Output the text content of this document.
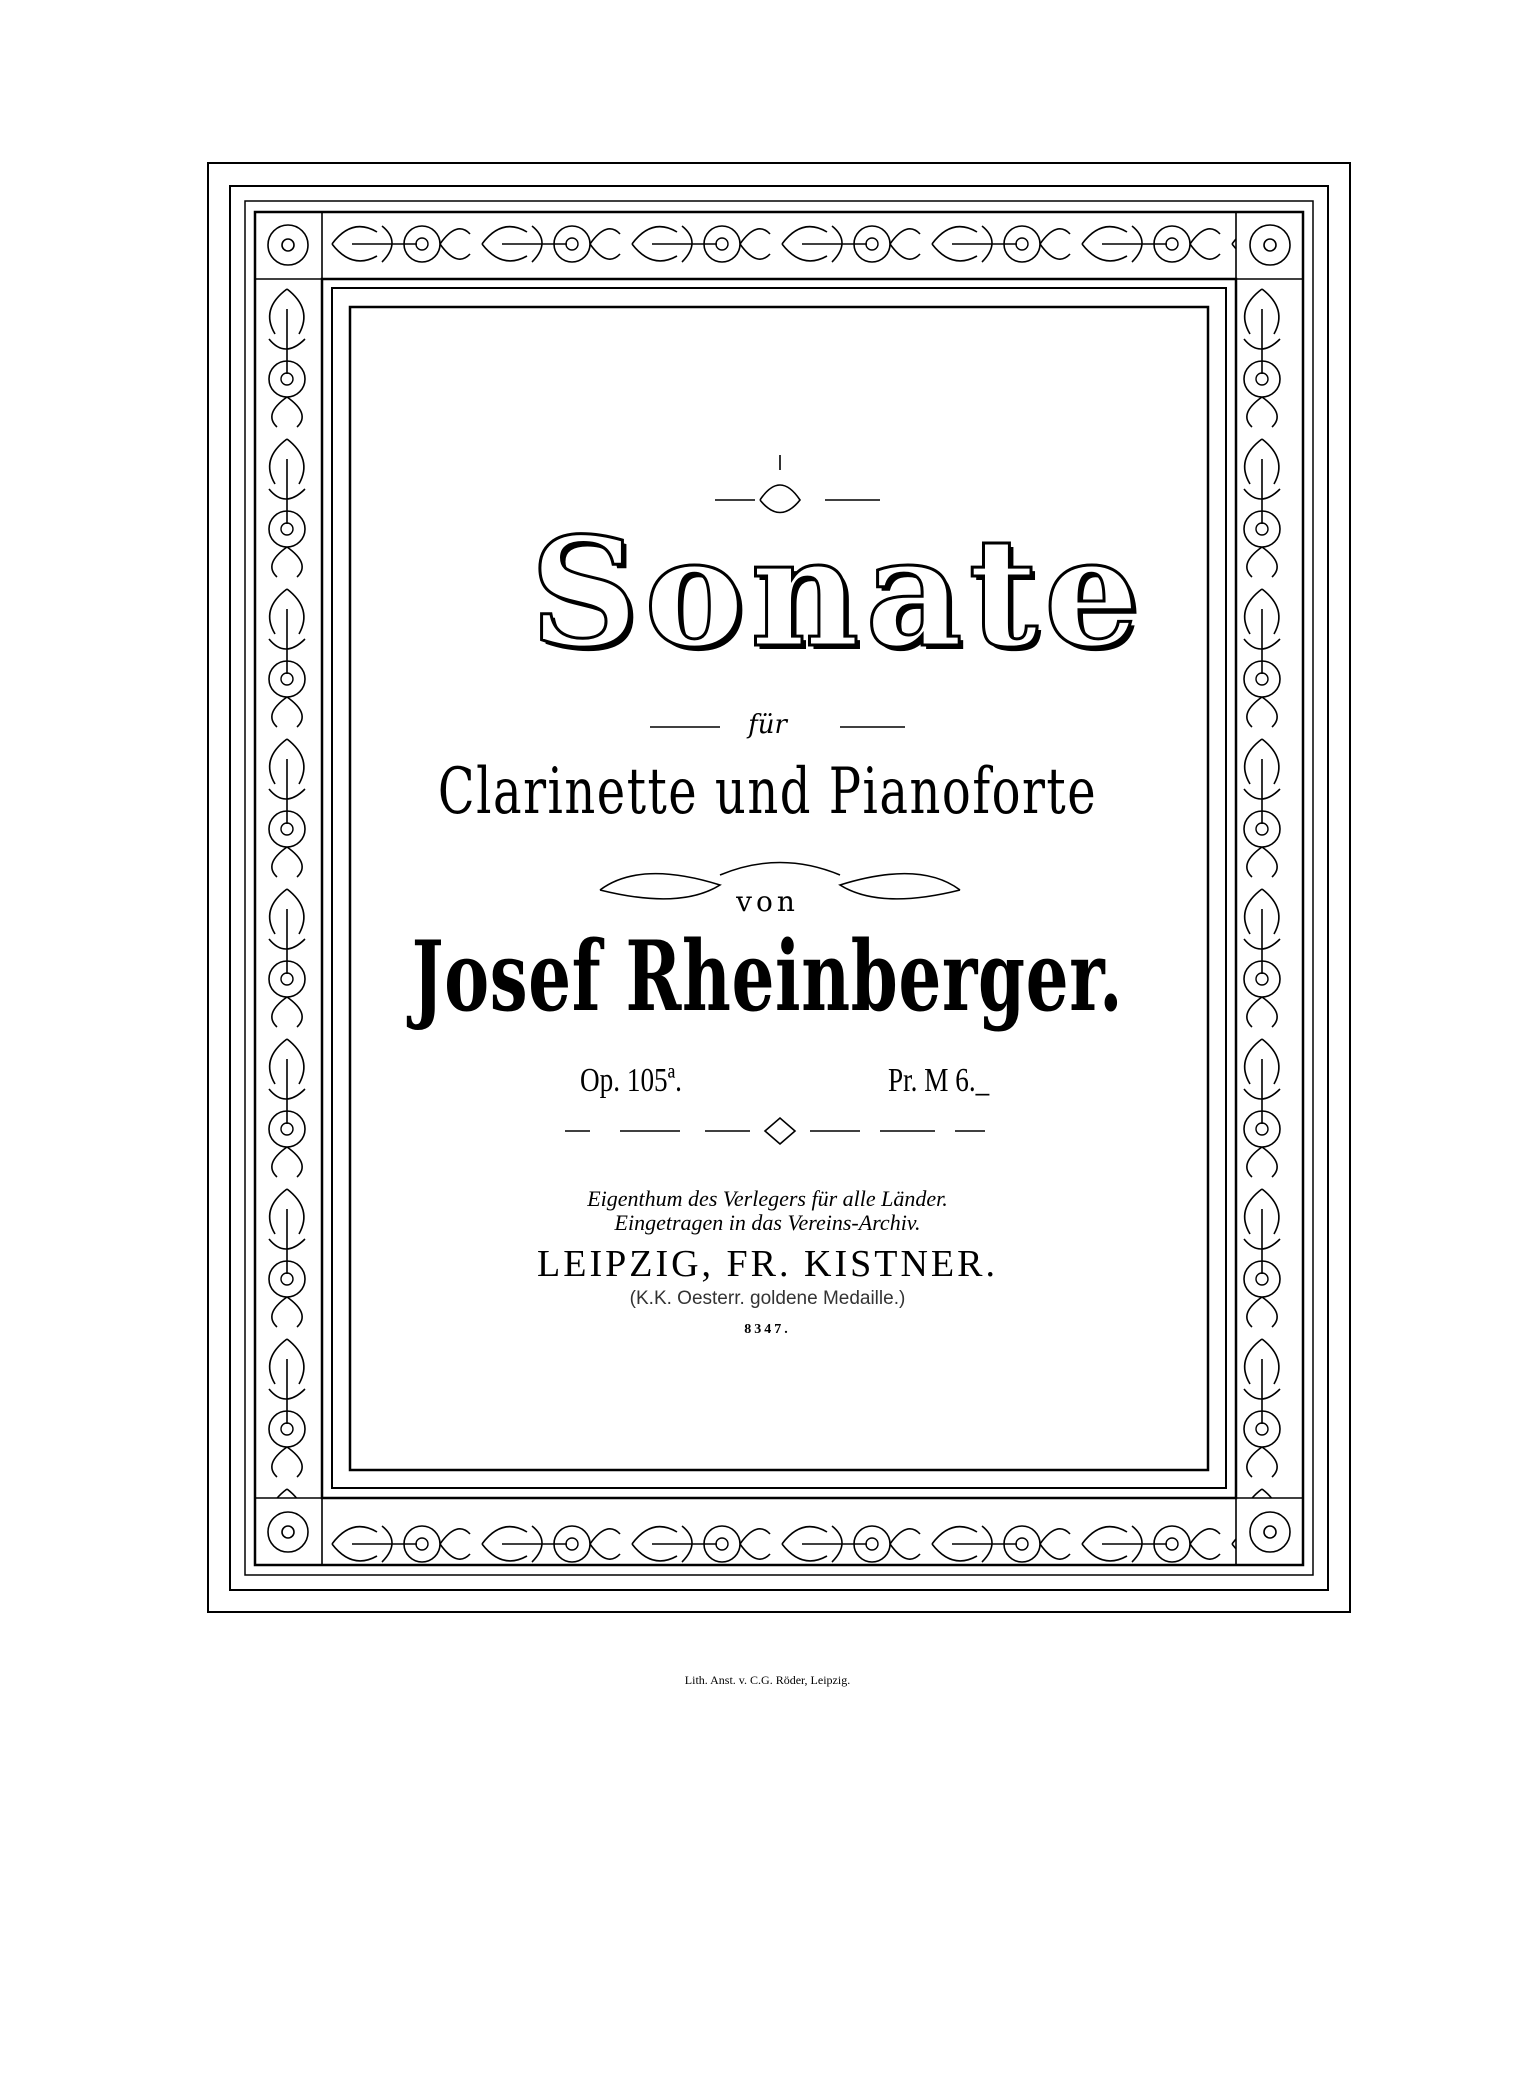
Sonate
für
Clarinette und Pianoforte
von
Josef Rheinberger.
Op. 105ª.	Pr. M 6._
Eigenthum des Verlegers für alle Länder.
Eingetragen in das Vereins-Archiv.
LEIPZIG, FR. KISTNER.
(K.K. Oesterr. goldene Medaille.)
8347.
Lith. Anst. v. C.G. Röder, Leipzig.
